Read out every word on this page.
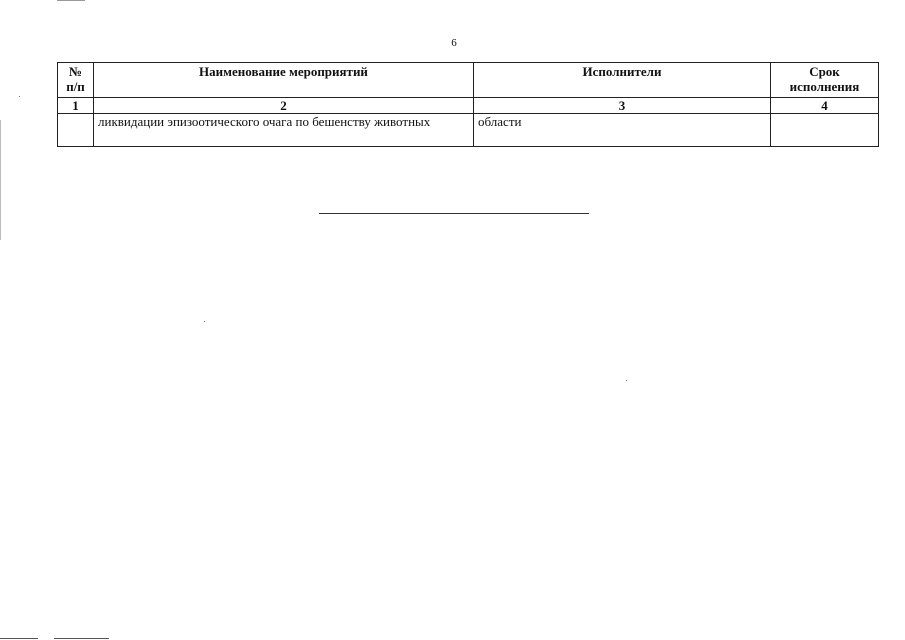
6
№ п/п	Наименование мероприятий	Исполнители	Срок исполнения
1	2	3	4
	ликвидации эпизоотического очага по бешенству животных	области	
